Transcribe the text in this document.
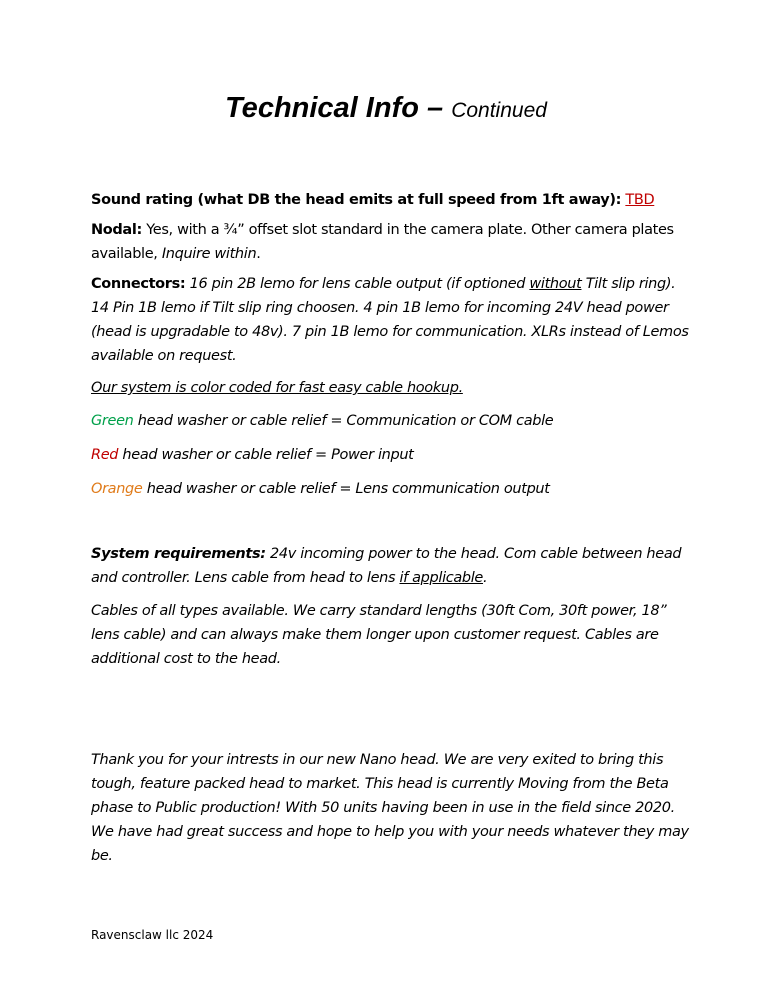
Technical Info – Continued

Sound rating (what DB the head emits at full speed from 1ft away): TBD

Nodal: Yes, with a ¾” offset slot standard in the camera plate. Other camera plates available, Inquire within.

Connectors: 16 pin 2B lemo for lens cable output (if optioned without Tilt slip ring). 14 Pin 1B lemo if Tilt slip ring choosen. 4 pin 1B lemo for incoming 24V head power (head is upgradable to 48v). 7 pin 1B lemo for communication. XLRs instead of Lemos available on request.

Our system is color coded for fast easy cable hookup.

Green head washer or cable relief = Communication or COM cable

Red head washer or cable relief = Power input

Orange head washer or cable relief = Lens communication output

System requirements: 24v incoming power to the head. Com cable between head and controller. Lens cable from head to lens if applicable.

Cables of all types available. We carry standard lengths (30ft Com, 30ft power, 18” lens cable) and can always make them longer upon customer request. Cables are additional cost to the head.

Thank you for your intrests in our new Nano head. We are very exited to bring this tough, feature packed head to market. This head is currently Moving from the Beta phase to Public production! With 50 units having been in use in the field since 2020. We have had great success and hope to help you with your needs whatever they may be.

Ravensclaw llc 2024
